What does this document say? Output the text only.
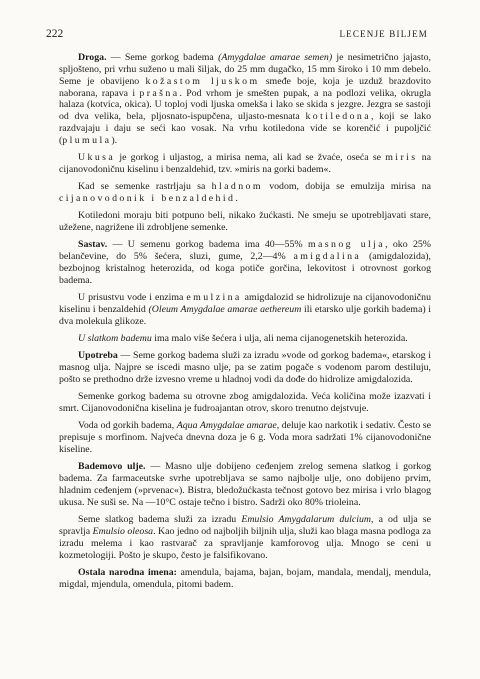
222	LECENJE BILJEM

Droga. — Seme gorkog badema (Amygdalae amarae semen) je nesimetrično jajasto, spljošteno, pri vrhu suženo u mali šiljak, do 25 mm dugačko, 15 mm široko i 10 mm debelo. Seme je obavijeno kožastom ljuskom smeđe boje, koja je uzduž brazdovito naborana, rapava i prašna. Pod vrhom je smešten pupak, a na podlozi velika, okrugla halaza (kotvica, okica). U toploj vodi ljuska omekša i lako se skida s jezgre. Jezgra se sastoji od dva velika, bela, pljosnato-ispupčena, uljasto-mesnata kotiledona, koji se lako razdvajaju i daju se seći kao vosak. Na vrhu kotiledona vide se korenčić i pupoljčić (plumula).

Ukusa je gorkog i uljastog, a mirisa nema, ali kad se žvaće, oseća se miris na cijanovodoničnu kiselinu i benzaldehid, tzv. »miris na gorki badem«.

Kad se semenke rastrljaju sa hladnom vodom, dobija se emulzija mirisa na cijanovodonik i benzaldehid.

Kotiledoni moraju biti potpuno beli, nikako žućkasti. Ne smeju se upotrebljavati stare, užežene, nagrižene ili zdrobljene semenke.

Sastav. — U semenu gorkog badema ima 40—55% masnog ulja, oko 25% belančevine, do 5% šećera, sluzi, gume, 2,2—4% amigdalina (amigdalozida), bezbojnog kristalnog heterozida, od koga potiče gorčina, lekovitost i otrovnost gorkog badema.

U prisustvu vode i enzima emulzina amigdalozid se hidrolizuje na cijanovodoničnu kiselinu i benzaldehid (Oleum Amygdalae amarae aethereum ili etarsko ulje gorkih badema) i dva molekula glikoze.

U slatkom bademu ima malo više šećera i ulja, ali nema cijanogenetskih heterozida.

Upotreba — Seme gorkog badema služi za izradu »vode od gorkog badema«, etarskog i masnog ulja. Najpre se iscedi masno ulje, pa se zatim pogače s vodenom parom destiluju, pošto se prethodno drže izvesno vreme u hladnoj vodi da dođe do hidrolize amigdalozida.

Semenke gorkog badema su otrovne zbog amigdalozida. Veća količina može izazvati i smrt. Cijanovodonična kiselina je fudroajantan otrov, skoro trenutno dejstvuje.

Voda od gorkih badema, Aqua Amygdalae amarae, deluje kao narkotik i sedativ. Često se prepisuje s morfinom. Najveća dnevna doza je 6 g. Voda mora sadržati 1% cijanovodonične kiseline.

Bademovo ulje. — Masno ulje dobijeno ceđenjem zrelog semena slatkog i gorkog badema. Za farmaceutske svrhe upotrebljava se samo najbolje ulje, ono dobijeno prvim, hladnim ceđenjem (»prvenac«). Bistra, bledožućkasta tečnost gotovo bez mirisa i vrlo blagog ukusa. Ne suši se. Na —10°C ostaje tečno i bistro. Sadrži oko 80% trioleina.

Seme slatkog badema služi za izradu Emulsio Amygdalarum dulcium, a od ulja se spravlja Emulsio oleosa. Kao jedno od najboljih biljnih ulja, služi kao blaga masna podloga za izradu melema i kao rastvarač za spravljanje kamforovog ulja. Mnogo se ceni u kozmetologiji. Pošto je skupo, često je falsifikovano.

Ostala narodna imena: amendula, bajama, bajan, bojam, mandala, mendalj, mendula, migdal, mjendula, omendula, pitomi badem.
